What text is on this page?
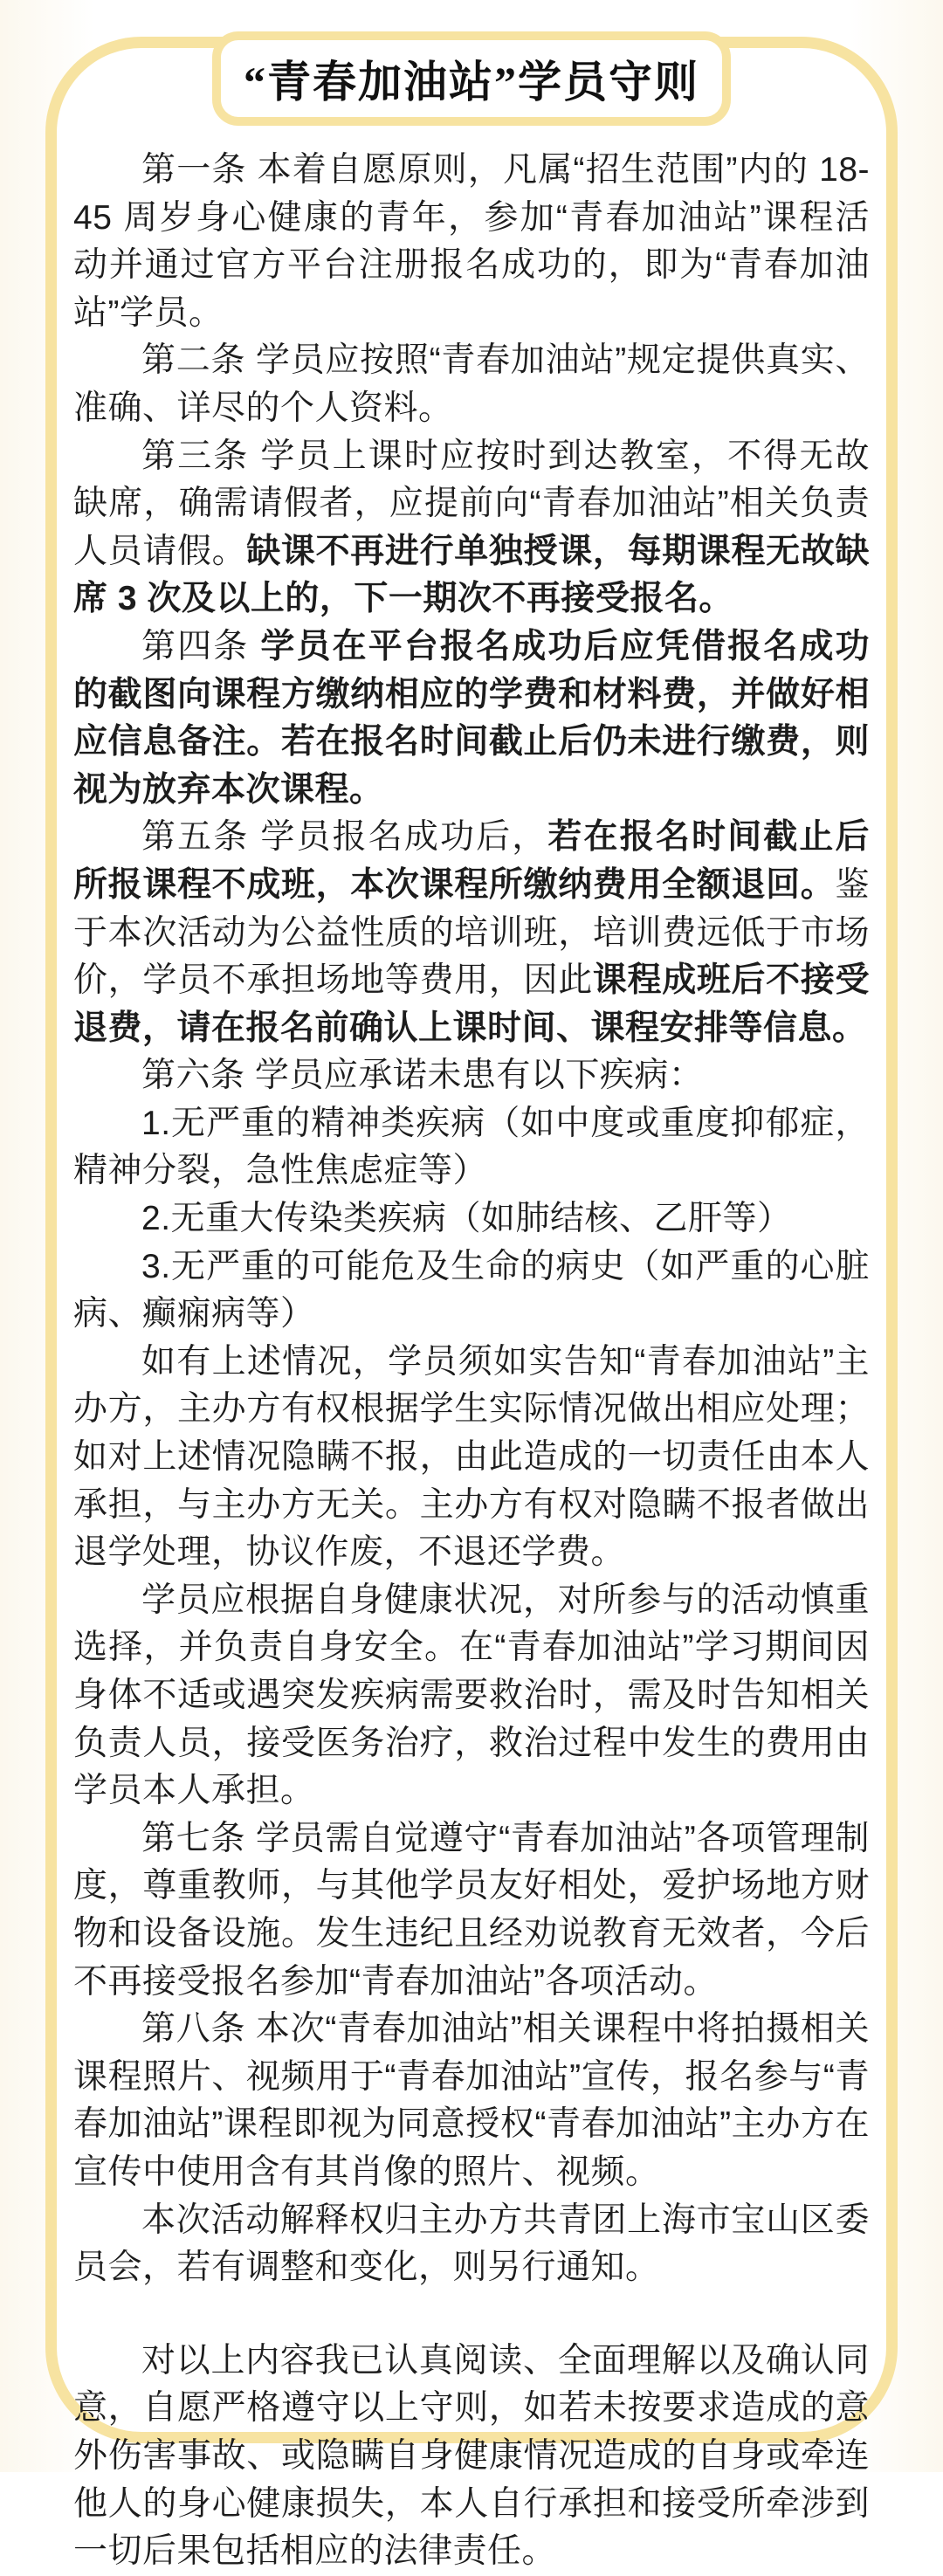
“青春加油站”学员守则

第一条 本着自愿原则，凡属“招生范围”内的 18-45 周岁身心健康的青年，参加“青春加油站”课程活动并通过官方平台注册报名成功的，即为“青春加油站”学员。

第二条 学员应按照“青春加油站”规定提供真实、准确、详尽的个人资料。

第三条 学员上课时应按时到达教室，不得无故缺席，确需请假者，应提前向“青春加油站”相关负责人员请假。缺课不再进行单独授课，每期课程无故缺席 3 次及以上的，下一期次不再接受报名。

第四条 学员在平台报名成功后应凭借报名成功的截图向课程方缴纳相应的学费和材料费，并做好相应信息备注。若在报名时间截止后仍未进行缴费，则视为放弃本次课程。

第五条 学员报名成功后，若在报名时间截止后所报课程不成班，本次课程所缴纳费用全额退回。鉴于本次活动为公益性质的培训班，培训费远低于市场价，学员不承担场地等费用，因此课程成班后不接受退费，请在报名前确认上课时间、课程安排等信息。

第六条 学员应承诺未患有以下疾病：

1.无严重的精神类疾病（如中度或重度抑郁症，精神分裂，急性焦虑症等）

2.无重大传染类疾病（如肺结核、乙肝等）

3.无严重的可能危及生命的病史（如严重的心脏病、癫痫病等）

如有上述情况，学员须如实告知“青春加油站”主办方，主办方有权根据学生实际情况做出相应处理；如对上述情况隐瞒不报，由此造成的一切责任由本人承担，与主办方无关。主办方有权对隐瞒不报者做出退学处理，协议作废，不退还学费。

学员应根据自身健康状况，对所参与的活动慎重选择，并负责自身安全。在“青春加油站”学习期间因身体不适或遇突发疾病需要救治时，需及时告知相关负责人员，接受医务治疗，救治过程中发生的费用由学员本人承担。

第七条 学员需自觉遵守“青春加油站”各项管理制度，尊重教师，与其他学员友好相处，爱护场地方财物和设备设施。发生违纪且经劝说教育无效者，今后不再接受报名参加“青春加油站”各项活动。

第八条 本次“青春加油站”相关课程中将拍摄相关课程照片、视频用于“青春加油站”宣传，报名参与“青春加油站”课程即视为同意授权“青春加油站”主办方在宣传中使用含有其肖像的照片、视频。

本次活动解释权归主办方共青团上海市宝山区委员会，若有调整和变化，则另行通知。

对以上内容我已认真阅读、全面理解以及确认同意，自愿严格遵守以上守则，如若未按要求造成的意外伤害事故、或隐瞒自身健康情况造成的自身或牵连他人的身心健康损失，本人自行承担和接受所牵涉到一切后果包括相应的法律责任。
